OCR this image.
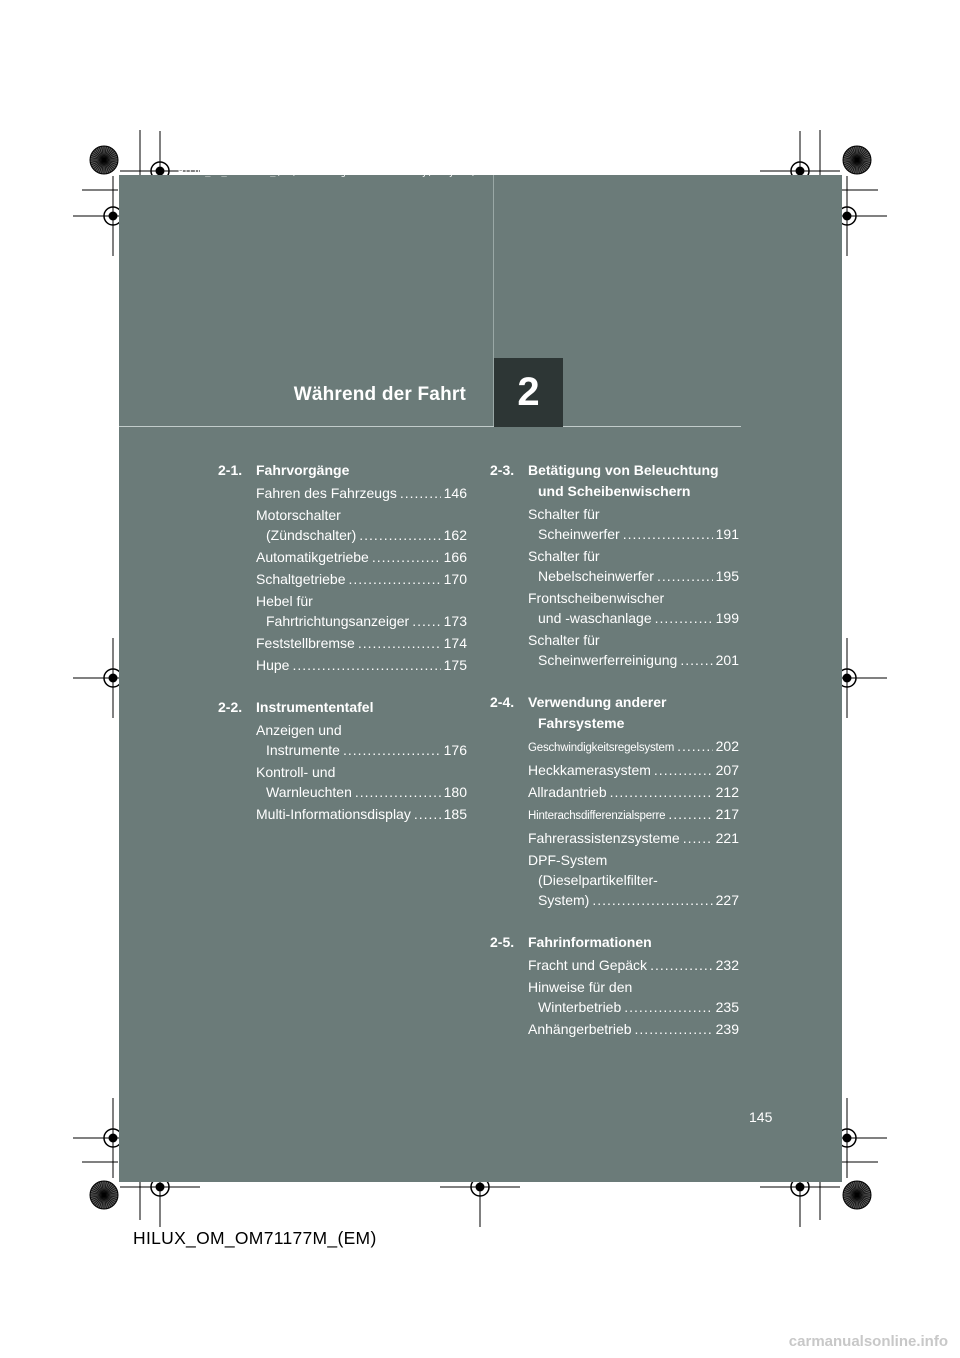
HILUX_OM_OM71177M_(EM).book Page 145 Wednesday, May 16, 2012 1:28 PM
Während der Fahrt	2
2-1. Fahrvorgänge
Fahren des Fahrzeugs .....	146
Motorschalter
(Zündschalter) .....	162
Automatikgetriebe .....	166
Schaltgetriebe .....	170
Hebel für
Fahrtrichtungsanzeiger ..... 173
Feststellbremse .....	174
Hupe .....	175
2-2. Instrumententafel
Anzeigen und
Instrumente .....	176
Kontroll- und
Warnleuchten .....	180
Multi-Informationsdisplay ..... 185
2-3. Betätigung von Beleuchtung
und Scheibenwischern
Schalter für
Scheinwerfer .....	191
Schalter für
Nebelscheinwerfer .....	195
Frontscheibenwischer
und -waschanlage .....	199
Schalter für
Scheinwerferreinigung .....	201
2-4. Verwendung anderer
Fahrsysteme
Geschwindigkeitsregelsystem .....	202
Heckkamerasystem .....	207
Allradantrieb .....	212
Hinterachsdifferenzialsperre .....	217
Fahrerassistenzsysteme .....	221
DPF-System
(Dieselpartikelfilter-
System) .....	227
2-5. Fahrinformationen
Fracht und Gepäck .....	232
Hinweise für den
Winterbetrieb .....	235
Anhängerbetrieb .....	239
145
HILUX_OM_OM71177M_(EM)
carmanualsonline.info
